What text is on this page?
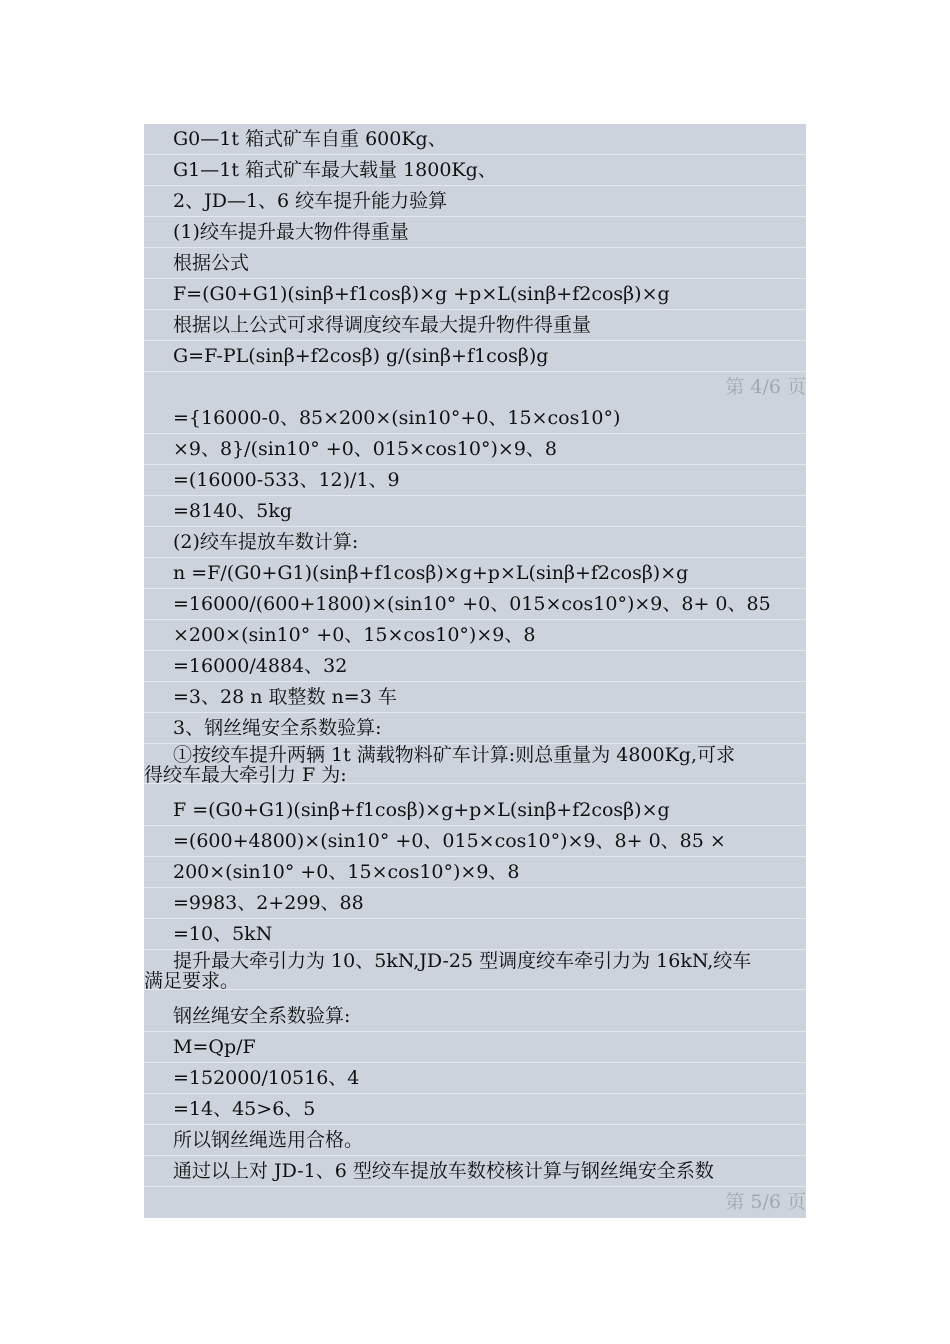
G0—1t 箱式矿车自重 600Kg、
G1—1t 箱式矿车最大载量 1800Kg、
2、JD—1、6 绞车提升能力验算
(1)绞车提升最大物件得重量
根据公式
F=(G0+G1)(sinβ+f1cosβ)×g +p×L(sinβ+f2cosβ)×g
根据以上公式可求得调度绞车最大提升物件得重量
G=F-PL(sinβ+f2cosβ) g/(sinβ+f1cosβ)g
第 4/6 页
={16000-0、85×200×(sin10°+0、15×cos10°)
×9、8}/(sin10° +0、015×cos10°)×9、8
=(16000-533、12)/1、9
=8140、5kg
(2)绞车提放车数计算:
n =F/(G0+G1)(sinβ+f1cosβ)×g+p×L(sinβ+f2cosβ)×g
=16000/(600+1800)×(sin10° +0、015×cos10°)×9、8+ 0、85
×200×(sin10° +0、15×cos10°)×9、8
=16000/4884、32
=3、28 n 取整数 n=3 车
3、钢丝绳安全系数验算:
①按绞车提升两辆 1t 满载物料矿车计算:则总重量为 4800Kg,可求
得绞车最大牵引力 F 为:
F =(G0+G1)(sinβ+f1cosβ)×g+p×L(sinβ+f2cosβ)×g
=(600+4800)×(sin10° +0、015×cos10°)×9、8+ 0、85 ×
200×(sin10° +0、15×cos10°)×9、8
=9983、2+299、88
=10、5kN
提升最大牵引力为 10、5kN,JD-25 型调度绞车牵引力为 16kN,绞车
满足要求。
钢丝绳安全系数验算:
M=Qp/F
=152000/10516、4
=14、45>6、5
所以钢丝绳选用合格。
通过以上对 JD-1、6 型绞车提放车数校核计算与钢丝绳安全系数
第 5/6 页
